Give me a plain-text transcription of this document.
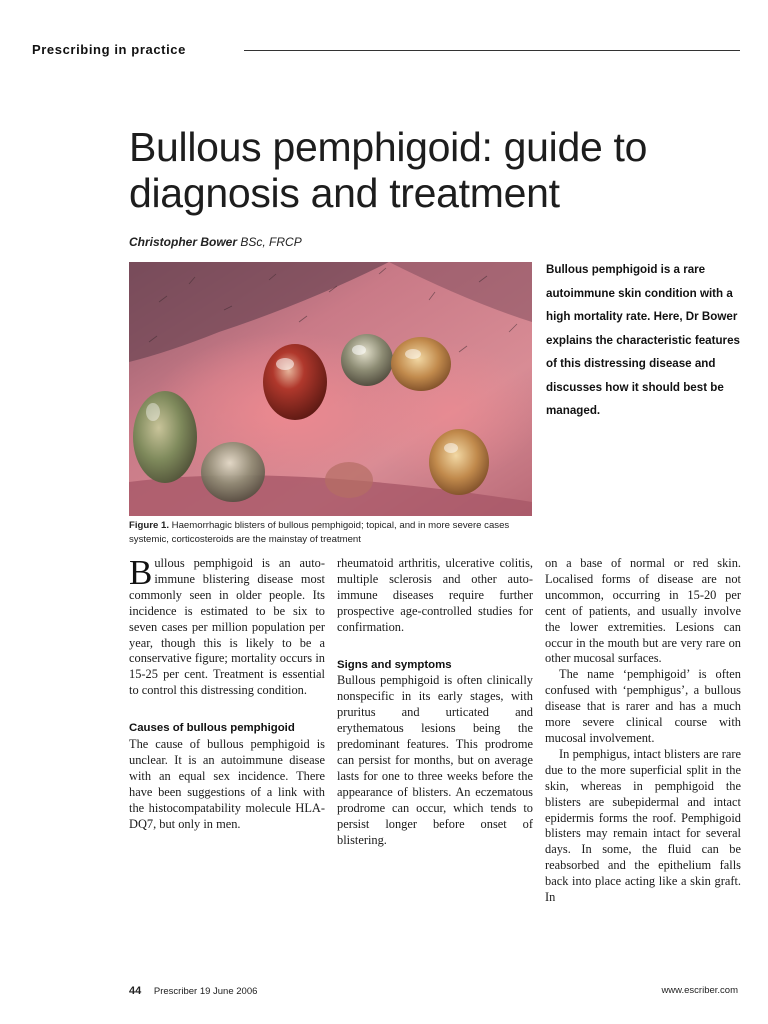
Prescribing in practice
Bullous pemphigoid: guide to diagnosis and treatment
Christopher Bower BSc, FRCP
Figure 1. Haemorrhagic blisters of bullous pemphigoid; topical, and in more severe cases systemic, corticosteroids are the mainstay of treatment
Bullous pemphigoid is a rare autoimmune skin condition with a high mortality rate. Here, Dr Bower explains the characteristic features of this distressing disease and discusses how it should best be managed.

Bullous pemphigoid is an autoimmune blistering disease most commonly seen in older people. Its incidence is estimated to be six to seven cases per million population per year, though this is likely to be a conservative figure; mortality occurs in 15-25 per cent. Treatment is essential to control this distressing condition.

Causes of bullous pemphigoid

The cause of bullous pemphigoid is unclear. It is an autoimmune disease with an equal sex incidence. There have been suggestions of a link with the histocompatability molecule HLA-DQ7, but only in men.

rheumatoid arthritis, ulcerative colitis, multiple sclerosis and other autoimmune diseases require further prospective age-controlled studies for confirmation.

Signs and symptoms

Bullous pemphigoid is often clinically nonspecific in its early stages, with pruritus and urticated and erythematous lesions being the predominant features. This prodrome can persist for months, but on average lasts for one to three weeks before the appearance of blisters. An eczematous prodrome can occur, which tends to persist longer before onset of blistering.

on a base of normal or red skin. Localised forms of disease are not uncommon, occurring in 15-20 per cent of patients, and usually involve the lower extremities. Lesions can occur in the mouth but are very rare on other mucosal surfaces.

The name ‘pemphigoid’ is often confused with ‘pemphigus’, a bullous disease that is rarer and has a much more severe clinical course with mucosal involvement.

In pemphigus, intact blisters are rare due to the more superficial split in the skin, whereas in pemphigoid the blisters are subepidermal and intact epidermis forms the roof. Pemphigoid blisters may remain intact for several days. In some, the fluid can be reabsorbed and the epithelium falls back into place acting like a skin graft. In

44 Prescriber 19 June 2006	www.escriber.com
